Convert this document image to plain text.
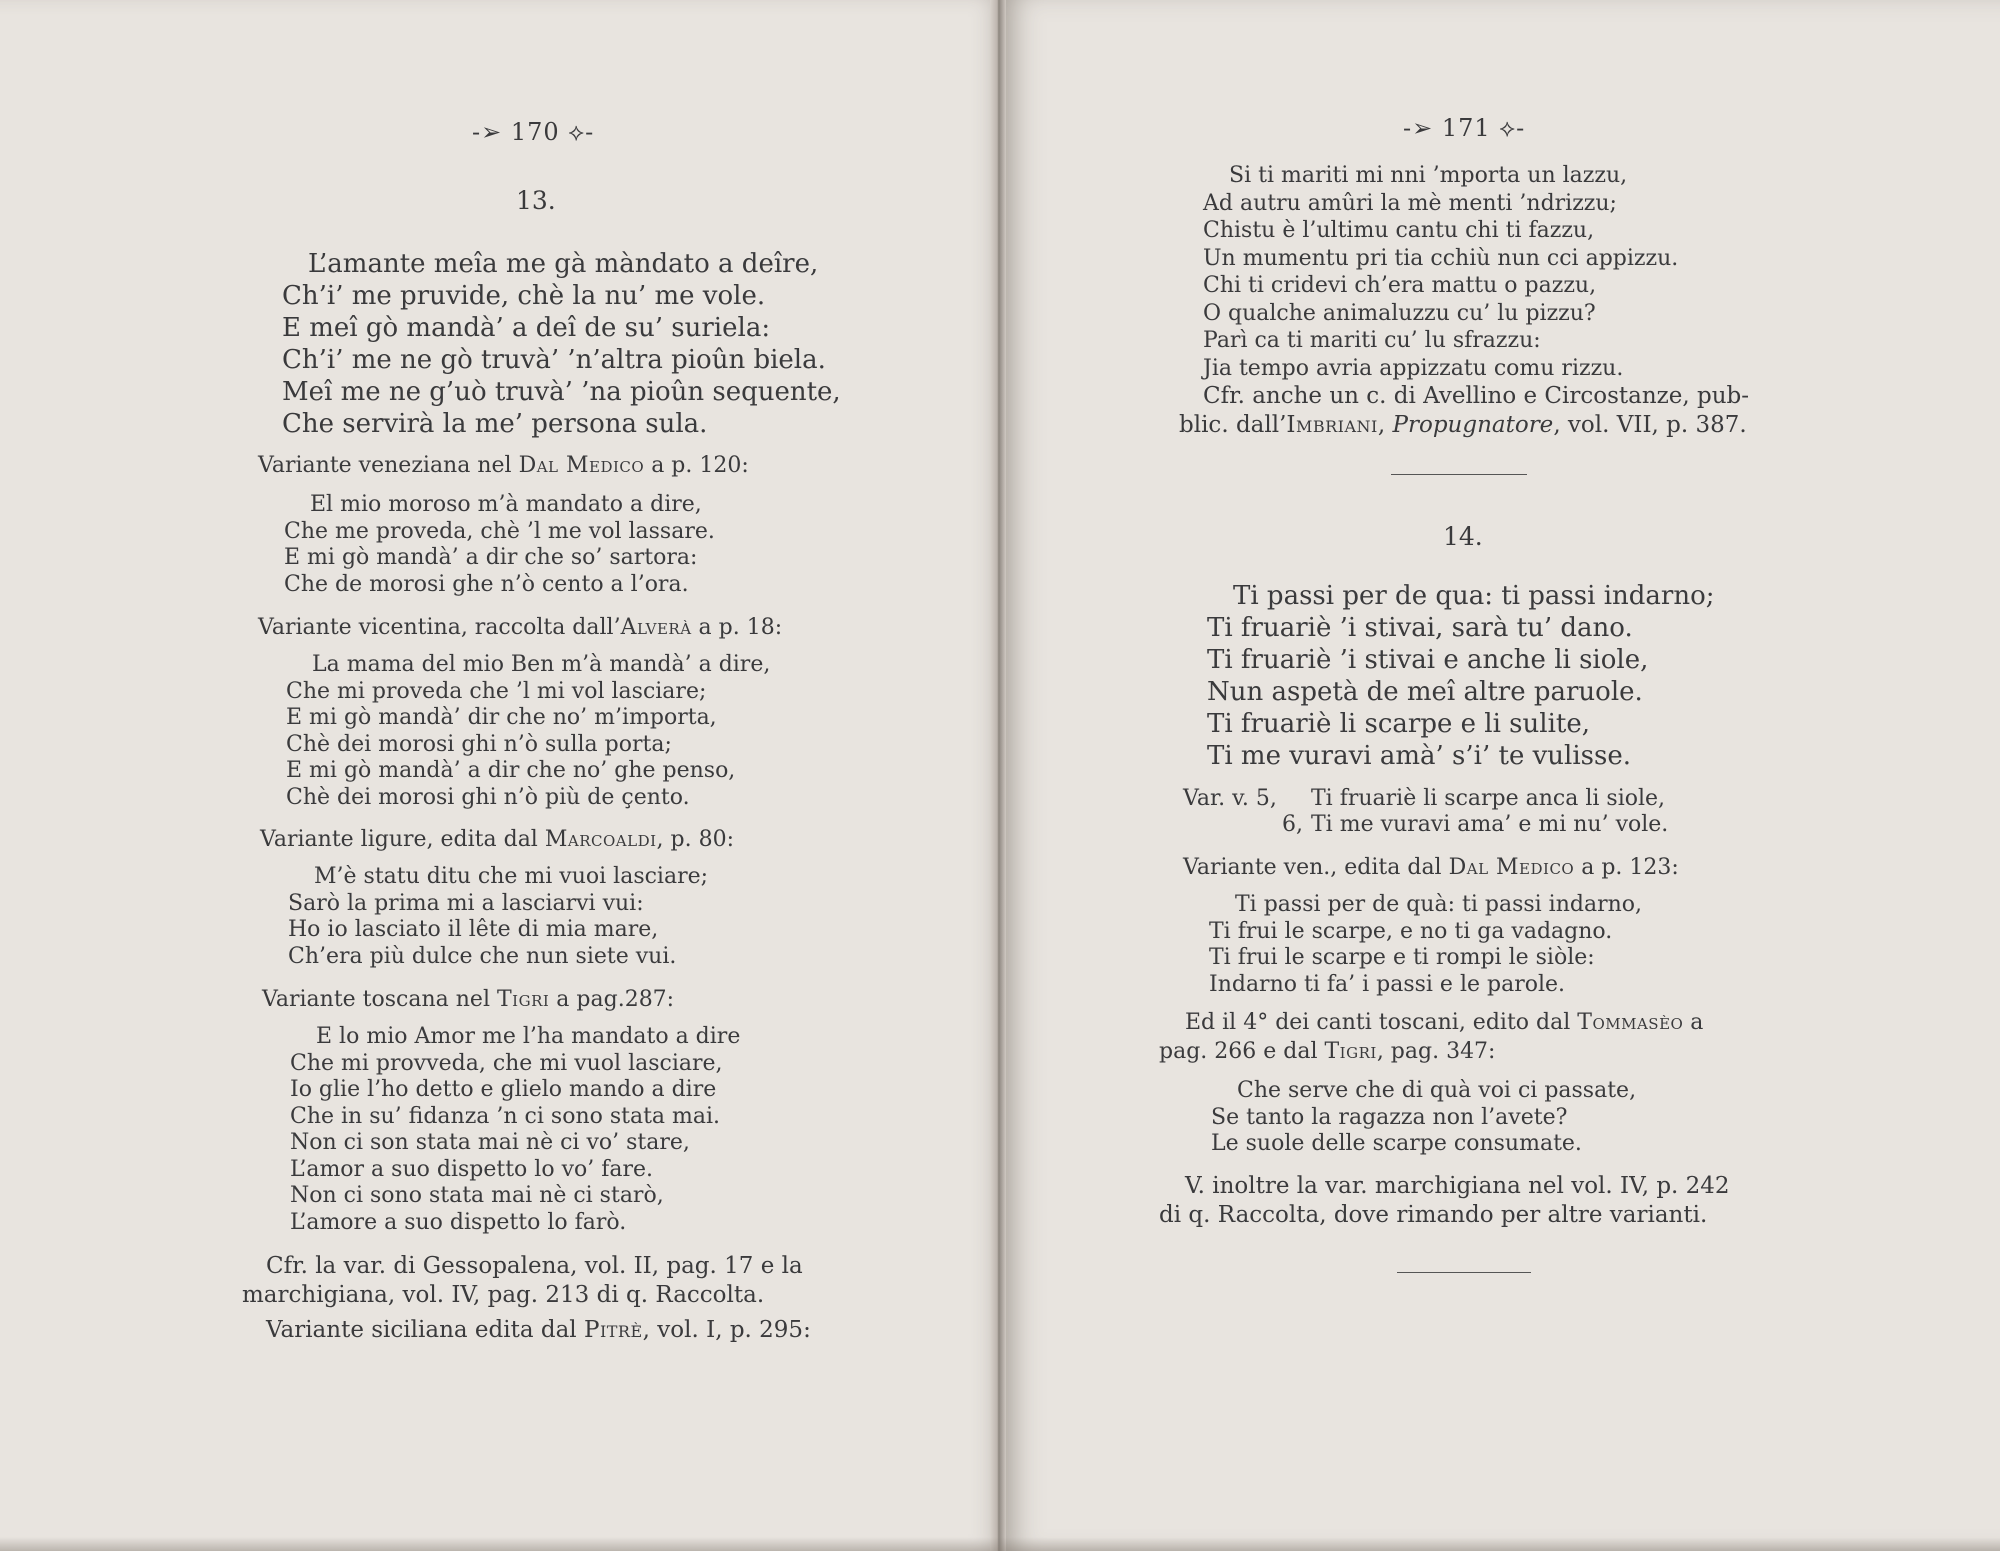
-➢ 170 ⟡-
13.
L’amante meîa me gà màndato a deîre,
Ch’i’ me pruvide, chè la nu’ me vole.
E meî gò mandà’ a deî de su’ suriela:
Ch’i’ me ne gò truvà’ ’n’altra pioûn biela.
Meî me ne g’uò truvà’ ’na pioûn sequente,
Che servirà la me’ persona sula.
Variante veneziana nel Dal Medico a p. 120:
El mio moroso m’à mandato a dire,
Che me proveda, chè ’l me vol lassare.
E mi gò mandà’ a dir che so’ sartora:
Che de morosi ghe n’ò cento a l’ora.
Variante vicentina, raccolta dall’Alverà a p. 18:
La mama del mio Ben m’à mandà’ a dire,
Che mi proveda che ’l mi vol lasciare;
E mi gò mandà’ dir che no’ m’importa,
Chè dei morosi ghi n’ò sulla porta;
E mi gò mandà’ a dir che no’ ghe penso,
Chè dei morosi ghi n’ò più de çento.
Variante ligure, edita dal Marcoaldi, p. 80:
M’è statu ditu che mi vuoi lasciare;
Sarò la prima mi a lasciarvi vui:
Ho io lasciato il lête di mia mare,
Ch’era più dulce che nun siete vui.
Variante toscana nel Tigri a pag.287:
E lo mio Amor me l’ha mandato a dire
Che mi provveda, che mi vuol lasciare,
Io glie l’ho detto e glielo mando a dire
Che in su’ fidanza ’n ci sono stata mai.
Non ci son stata mai nè ci vo’ stare,
L’amor a suo dispetto lo vo’ fare.
Non ci sono stata mai nè ci starò,
L’amore a suo dispetto lo farò.
Cfr. la var. di Gessopalena, vol. II, pag. 17 e la
marchigiana, vol. IV, pag. 213 di q. Raccolta.
Variante siciliana edita dal Pitrè, vol. I, p. 295:
-➢ 171 ⟡-
Si ti mariti mi nni ’mporta un lazzu,
Ad autru amûri la mè menti ’ndrizzu;
Chistu è l’ultimu cantu chi ti fazzu,
Un mumentu pri tia cchiù nun cci appizzu.
Chi ti cridevi ch’era mattu o pazzu,
O qualche animaluzzu cu’ lu pizzu?
Parì ca ti mariti cu’ lu sfrazzu:
Jia tempo avria appizzatu comu rizzu.
Cfr. anche un c. di Avellino e Circostanze, pub-
blic. dall’Imbriani, Propugnatore, vol. VII, p. 387.
14.
Ti passi per de qua: ti passi indarno;
Ti fruariè ’i stivai, sarà tu’ dano.
Ti fruariè ’i stivai e anche li siole,
Nun aspetà de meî altre paruole.
Ti fruariè li scarpe e li sulite,
Ti me vuravi amà’ s’i’ te vulisse.
Var. v. 5, Ti fruariè li scarpe anca li siole,
6, Ti me vuravi ama’ e mi nu’ vole.
Variante ven., edita dal Dal Medico a p. 123:
Ti passi per de quà: ti passi indarno,
Ti frui le scarpe, e no ti ga vadagno.
Ti frui le scarpe e ti rompi le siòle:
Indarno ti fa’ i passi e le parole.
Ed il 4° dei canti toscani, edito dal Tommasèo a
pag. 266 e dal Tigri, pag. 347:
Che serve che di quà voi ci passate,
Se tanto la ragazza non l’avete?
Le suole delle scarpe consumate.
V. inoltre la var. marchigiana nel vol. IV, p. 242
di q. Raccolta, dove rimando per altre varianti.
